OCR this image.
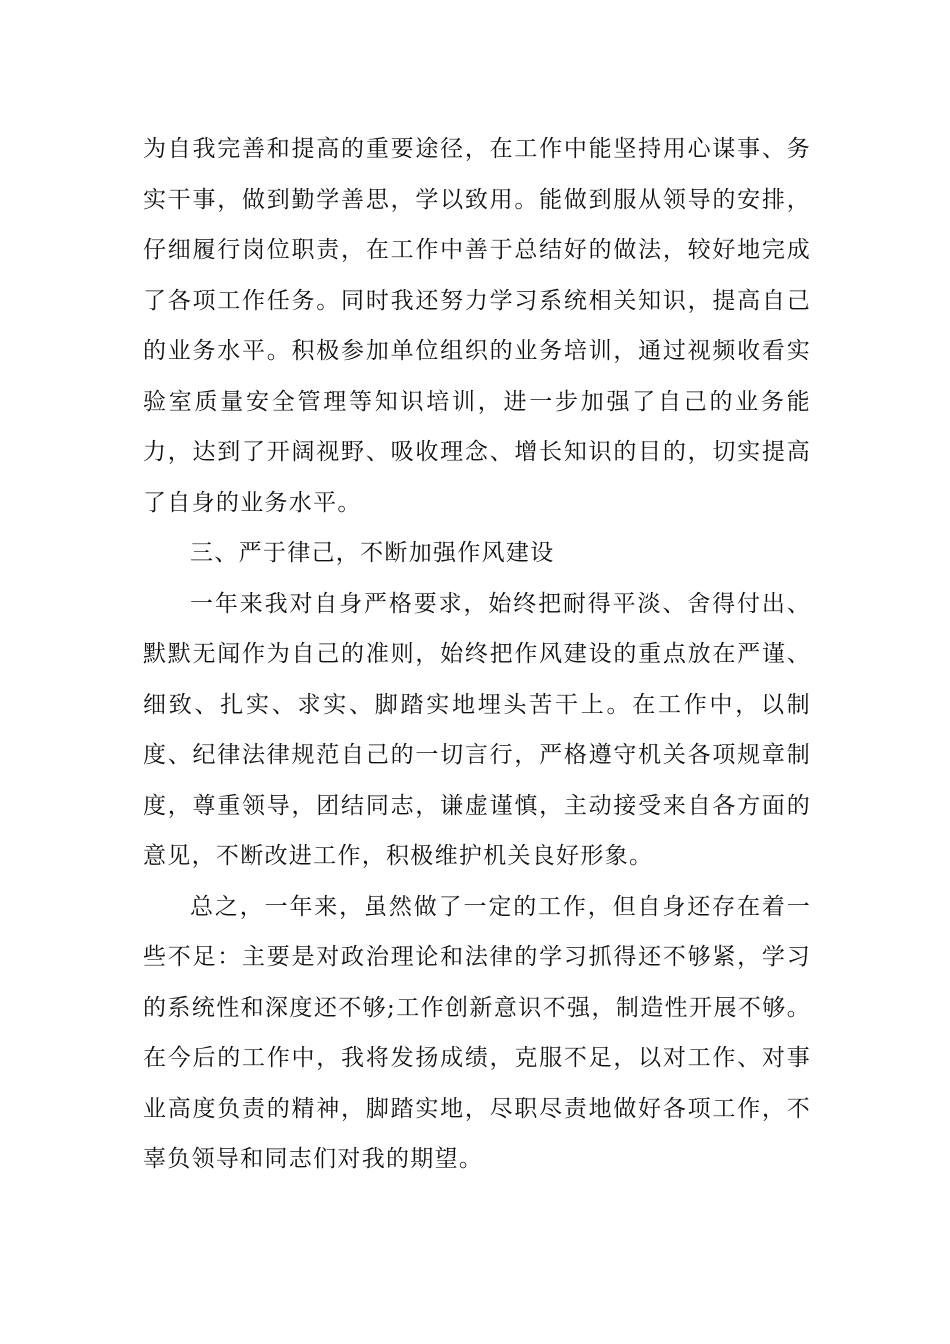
为自我完善和提高的重要途径，在工作中能坚持用心谋事、务实干事，做到勤学善思，学以致用。能做到服从领导的安排，仔细履行岗位职责，在工作中善于总结好的做法，较好地完成了各项工作任务。同时我还努力学习系统相关知识，提高自己的业务水平。积极参加单位组织的业务培训，通过视频收看实验室质量安全管理等知识培训，进一步加强了自己的业务能力，达到了开阔视野、吸收理念、增长知识的目的，切实提高了自身的业务水平。

三、严于律己，不断加强作风建设

一年来我对自身严格要求，始终把耐得平淡、舍得付出、默默无闻作为自己的准则，始终把作风建设的重点放在严谨、细致、扎实、求实、脚踏实地埋头苦干上。在工作中，以制度、纪律法律规范自己的一切言行，严格遵守机关各项规章制度，尊重领导，团结同志，谦虚谨慎，主动接受来自各方面的意见，不断改进工作，积极维护机关良好形象。

总之，一年来，虽然做了一定的工作，但自身还存在着一些不足：主要是对政治理论和法律的学习抓得还不够紧，学习的系统性和深度还不够;工作创新意识不强，制造性开展不够。在今后的工作中，我将发扬成绩，克服不足，以对工作、对事业高度负责的精神，脚踏实地，尽职尽责地做好各项工作，不辜负领导和同志们对我的期望。
